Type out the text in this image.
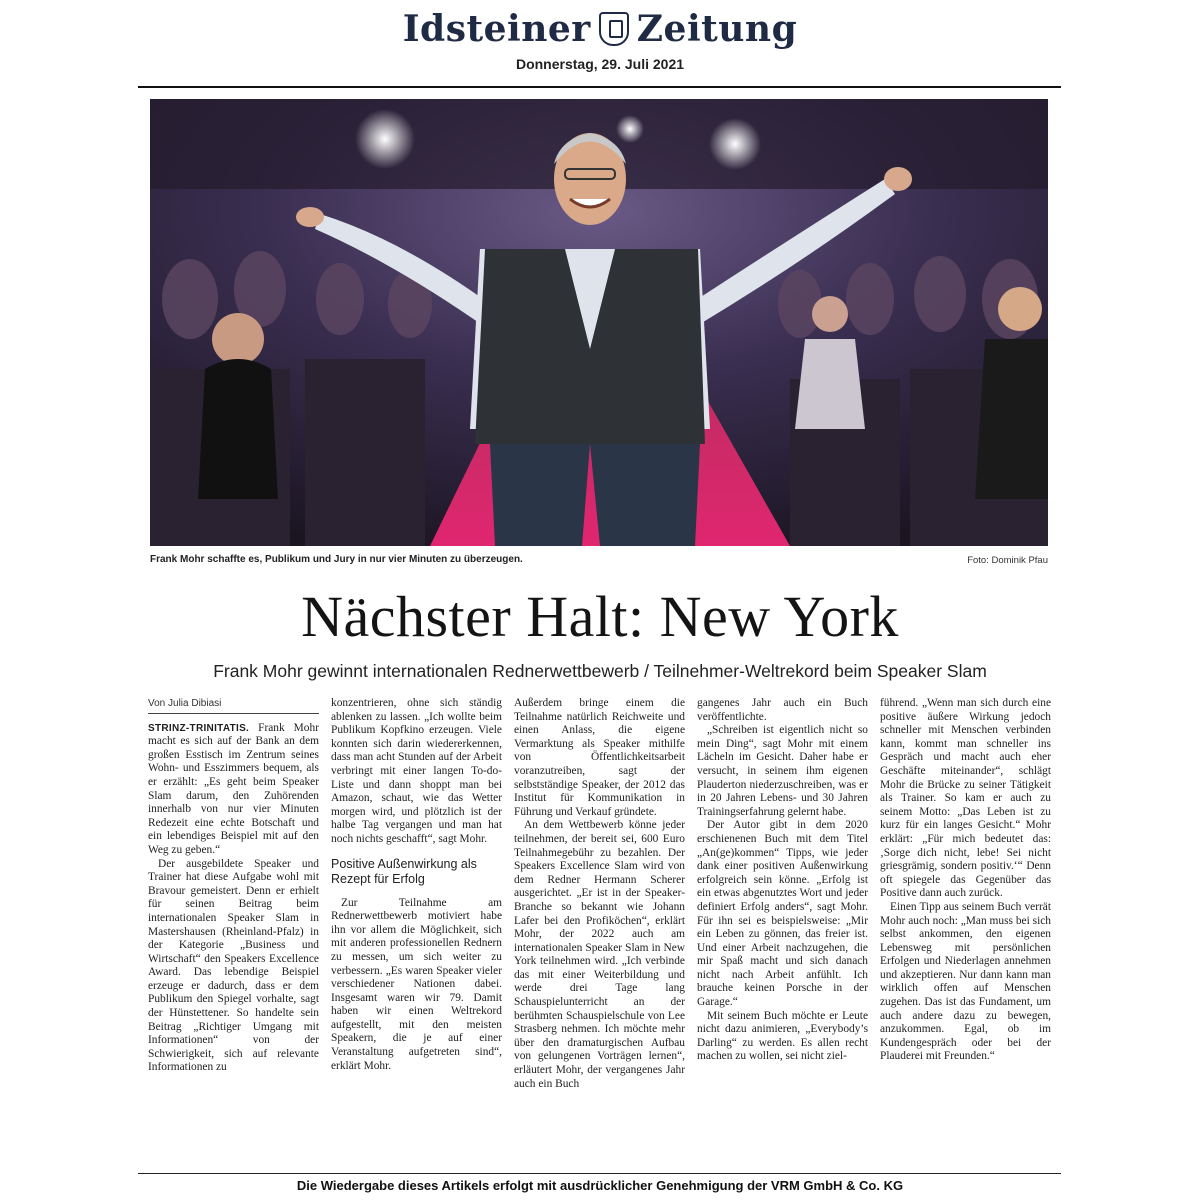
Idsteiner Zeitung
Donnerstag, 29. Juli 2021
Frank Mohr schaffte es, Publikum und Jury in nur vier Minuten zu überzeugen.	Foto: Dominik Pfau
Nächster Halt: New York
Frank Mohr gewinnt internationalen Rednerwettbewerb / Teilnehmer-Weltrekord beim Speaker Slam
Von Julia Dibiasi

STRINZ-TRINITATIS. Frank Mohr macht es sich auf der Bank an dem großen Esstisch im Zentrum seines Wohn- und Esszimmers bequem, als er erzählt: „Es geht beim Speaker Slam darum, den Zuhörenden innerhalb von nur vier Minuten Redezeit eine echte Botschaft und ein lebendiges Beispiel mit auf den Weg zu geben.“

Der ausgebildete Speaker und Trainer hat diese Aufgabe wohl mit Bravour gemeistert. Denn er erhielt für seinen Beitrag beim internationalen Speaker Slam in Mastershausen (Rheinland-Pfalz) in der Kategorie „Business und Wirtschaft“ den Speakers Excellence Award. Das lebendige Beispiel erzeuge er dadurch, dass er dem Publikum den Spiegel vorhalte, sagt der Hünstettener. So handelte sein Beitrag „Richtiger Umgang mit Informationen“ von der Schwierigkeit, sich auf relevante Informationen zu

konzentrieren, ohne sich ständig ablenken zu lassen. „Ich wollte beim Publikum Kopfkino erzeugen. Viele konnten sich darin wiedererkennen, dass man acht Stunden auf der Arbeit verbringt mit einer langen To-do-Liste und dann shoppt man bei Amazon, schaut, wie das Wetter morgen wird, und plötzlich ist der halbe Tag vergangen und man hat noch nichts geschafft“, sagt Mohr.

Positive Außenwirkung als Rezept für Erfolg

Zur Teilnahme am Rednerwettbewerb motiviert habe ihn vor allem die Möglichkeit, sich mit anderen professionellen Rednern zu messen, um sich weiter zu verbessern. „Es waren Speaker vieler verschiedener Nationen dabei. Insgesamt waren wir 79. Damit haben wir einen Weltrekord aufgestellt, mit den meisten Speakern, die je auf einer Veranstaltung aufgetreten sind“, erklärt Mohr.

Außerdem bringe einem die Teilnahme natürlich Reichweite und einen Anlass, die eigene Vermarktung als Speaker mithilfe von Öffentlichkeitsarbeit voranzutreiben, sagt der selbstständige Speaker, der 2012 das Institut für Kommunikation in Führung und Verkauf gründete.

An dem Wettbewerb könne jeder teilnehmen, der bereit sei, 600 Euro Teilnahmegebühr zu bezahlen. Der Speakers Excellence Slam wird von dem Redner Hermann Scherer ausgerichtet. „Er ist in der Speaker-Branche so bekannt wie Johann Lafer bei den Profiköchen“, erklärt Mohr, der 2022 auch am internationalen Speaker Slam in New York teilnehmen wird. „Ich verbinde das mit einer Weiterbildung und werde drei Tage lang Schauspielunterricht an der berühmten Schauspielschule von Lee Strasberg nehmen. Ich möchte mehr über den dramaturgischen Aufbau von gelungenen Vorträgen lernen“, erläutert Mohr, der vergangenes Jahr auch ein Buch

gangenes Jahr auch ein Buch veröffentlichte.

„Schreiben ist eigentlich nicht so mein Ding“, sagt Mohr mit einem Lächeln im Gesicht. Daher habe er versucht, in seinem ihm eigenen Plauderton niederzuschreiben, was er in 20 Jahren Lebens- und 30 Jahren Trainingserfahrung gelernt habe.

Der Autor gibt in dem 2020 erschienenen Buch mit dem Titel „An(ge)kommen“ Tipps, wie jeder dank einer positiven Außenwirkung erfolgreich sein könne. „Erfolg ist ein etwas abgenutztes Wort und jeder definiert Erfolg anders“, sagt Mohr. Für ihn sei es beispielsweise: „Mir ein Leben zu gönnen, das freier ist. Und einer Arbeit nachzugehen, die mir Spaß macht und sich danach nicht nach Arbeit anfühlt. Ich brauche keinen Porsche in der Garage.“

Mit seinem Buch möchte er Leute nicht dazu animieren, „Everybody’s Darling“ zu werden. Es allen recht machen zu wollen, sei nicht ziel-

führend. „Wenn man sich durch eine positive äußere Wirkung jedoch schneller mit Menschen verbinden kann, kommt man schneller ins Gespräch und macht auch eher Geschäfte miteinander“, schlägt Mohr die Brücke zu seiner Tätigkeit als Trainer. So kam er auch zu seinem Motto: „Das Leben ist zu kurz für ein langes Gesicht.“ Mohr erklärt: „Für mich bedeutet das: ‚Sorge dich nicht, lebe! Sei nicht griesgrämig, sondern positiv.‘“ Denn oft spiegele das Gegenüber das Positive dann auch zurück.

Einen Tipp aus seinem Buch verrät Mohr auch noch: „Man muss bei sich selbst ankommen, den eigenen Lebensweg mit persönlichen Erfolgen und Niederlagen annehmen und akzeptieren. Nur dann kann man wirklich offen auf Menschen zugehen. Das ist das Fundament, um auch andere dazu zu bewegen, anzukommen. Egal, ob im Kundengespräch oder bei der Plauderei mit Freunden.“

Die Wiedergabe dieses Artikels erfolgt mit ausdrücklicher Genehmigung der VRM GmbH & Co. KG
